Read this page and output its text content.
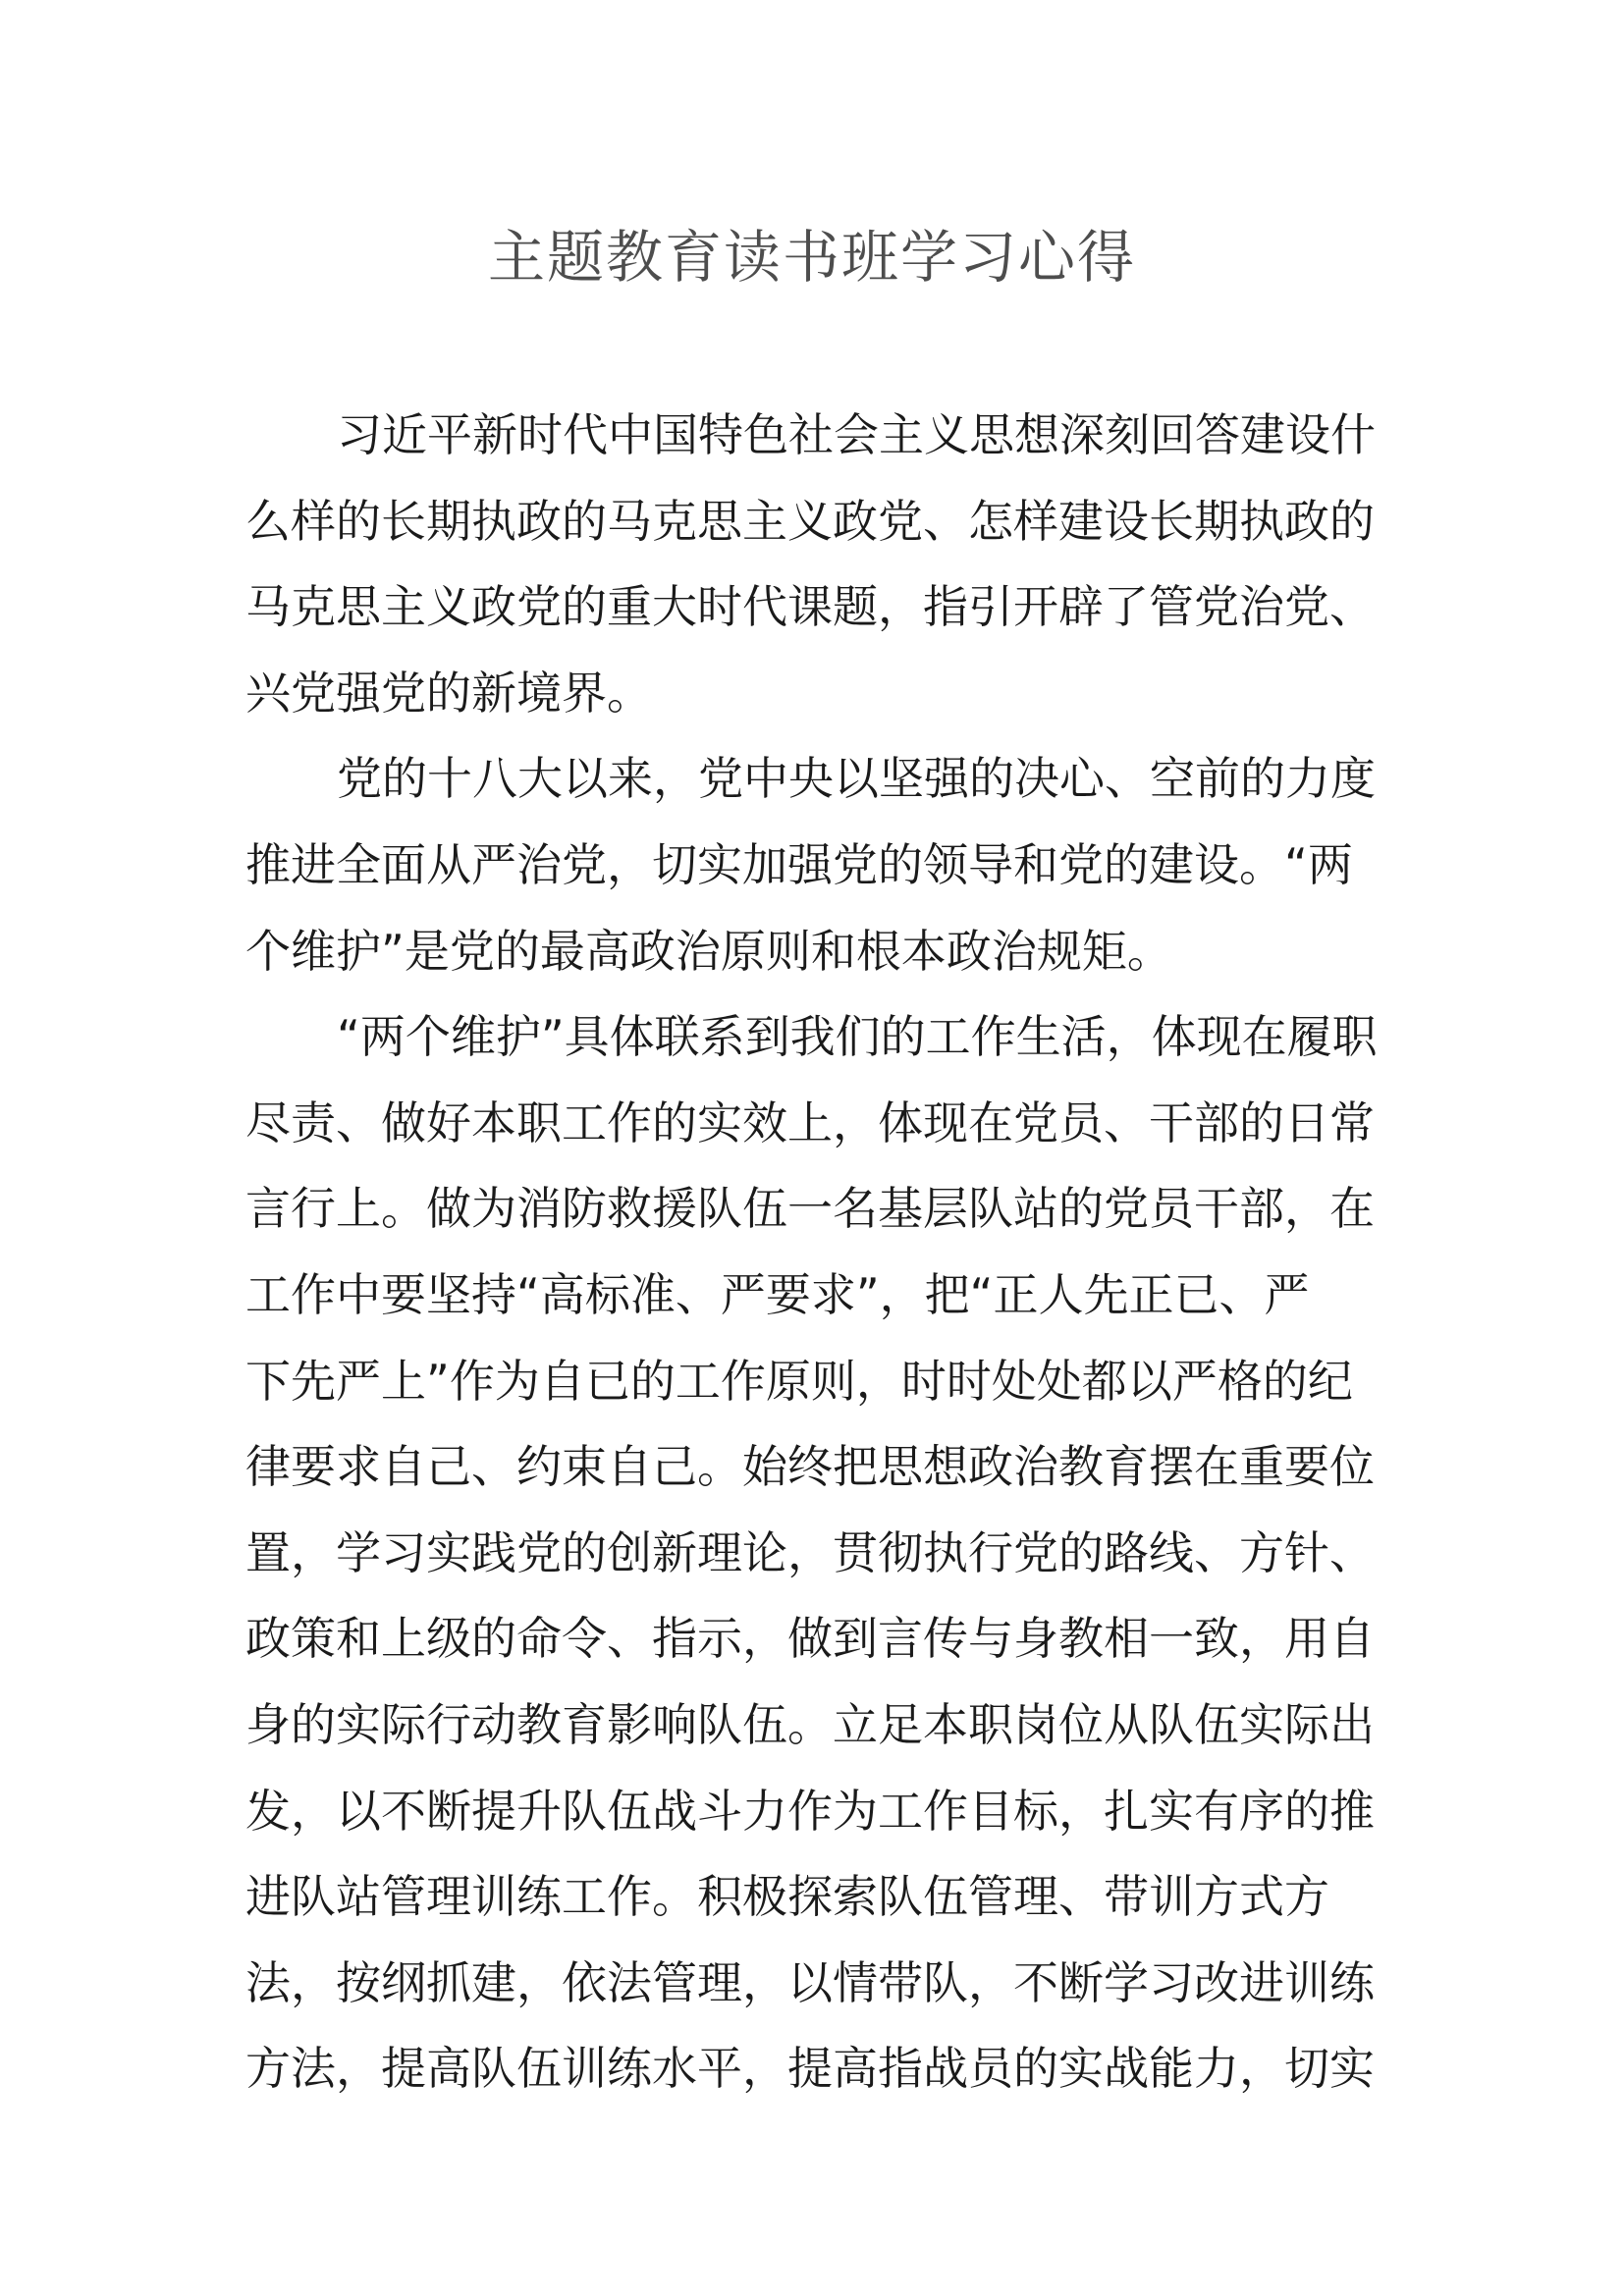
主题教育读书班学习心得
习近平新时代中国特色社会主义思想深刻回答建设什
么样的长期执政的马克思主义政党、怎样建设长期执政的
马克思主义政党的重大时代课题，指引开辟了管党治党、
兴党强党的新境界。
党的十八大以来，党中央以坚强的决心、空前的力度
推进全面从严治党，切实加强党的领导和党的建设。“两
个维护”是党的最高政治原则和根本政治规矩。
“两个维护”具体联系到我们的工作生活，体现在履职
尽责、做好本职工作的实效上，体现在党员、干部的日常
言行上。做为消防救援队伍一名基层队站的党员干部，在
工作中要坚持“高标准、严要求”，把“正人先正已、严
下先严上”作为自已的工作原则，时时处处都以严格的纪
律要求自己、约束自己。始终把思想政治教育摆在重要位
置，学习实践党的创新理论，贯彻执行党的路线、方针、
政策和上级的命令、指示，做到言传与身教相一致，用自
身的实际行动教育影响队伍。立足本职岗位从队伍实际出
发，以不断提升队伍战斗力作为工作目标，扎实有序的推
进队站管理训练工作。积极探索队伍管理、带训方式方
法，按纲抓建，依法管理，以情带队，不断学习改进训练
方法，提高队伍训练水平，提高指战员的实战能力，切实
